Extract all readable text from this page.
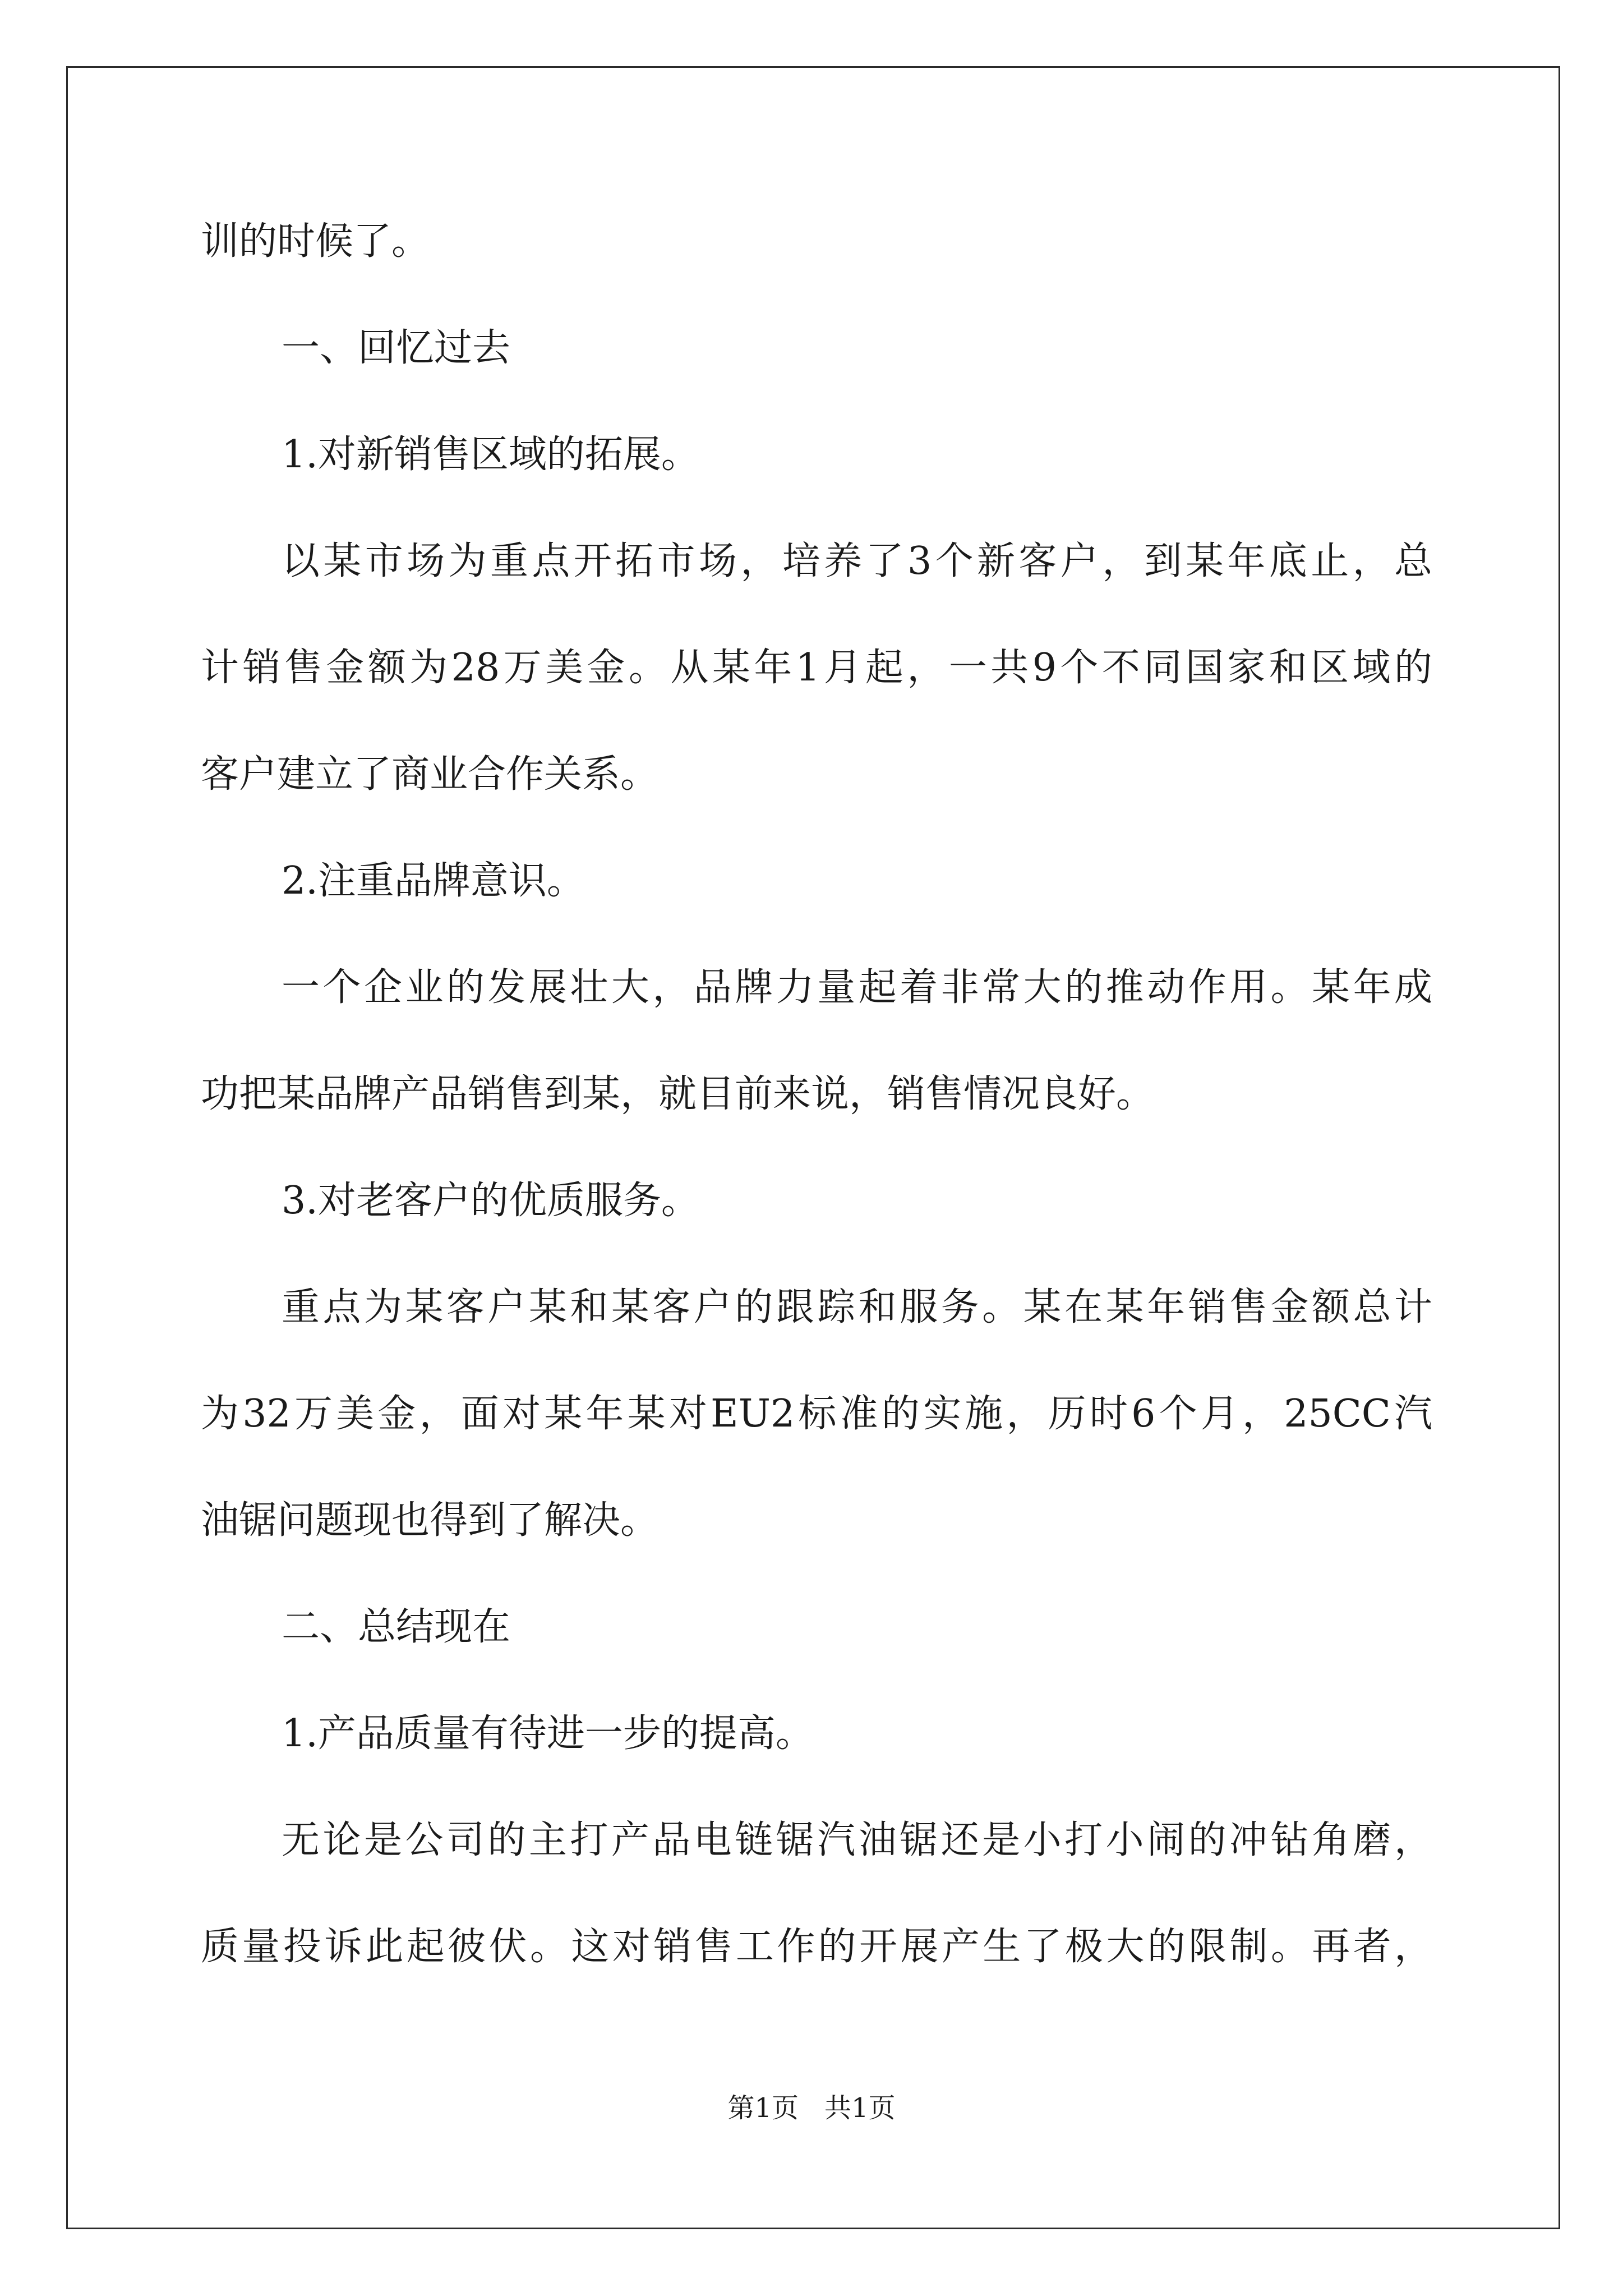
训的时候了。
一、回忆过去
1.对新销售区域的拓展。
以某市场为重点开拓市场，培养了3个新客户，到某年底止，总
计销售金额为28万美金。从某年1月起，一共9个不同国家和区域的
客户建立了商业合作关系。
2.注重品牌意识。
一个企业的发展壮大，品牌力量起着非常大的推动作用。某年成
功把某品牌产品销售到某，就目前来说，销售情况良好。
3.对老客户的优质服务。
重点为某客户某和某客户的跟踪和服务。某在某年销售金额总计
为32万美金，面对某年某对EU2标准的实施，历时6个月，25CC汽
油锯问题现也得到了解决。
二、总结现在
1.产品质量有待进一步的提高。
无论是公司的主打产品电链锯汽油锯还是小打小闹的冲钻角磨，
质量投诉此起彼伏。这对销售工作的开展产生了极大的限制。再者，
第1页 共1页
